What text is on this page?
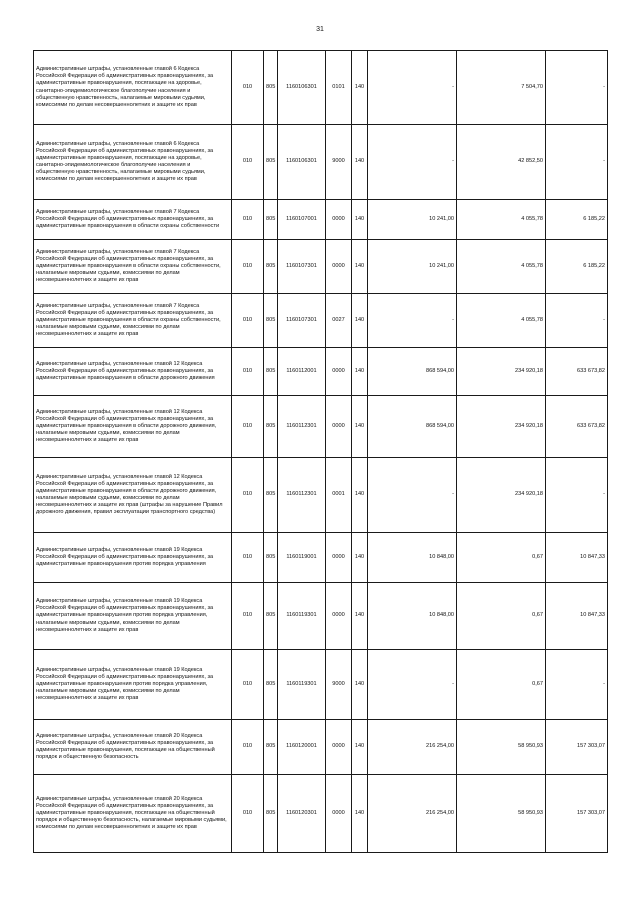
31
Административные штрафы, установленные главой 6 Кодекса Российской Федерации об административных правонарушениях, за административные правонарушения, посягающие на здоровье, санитарно-эпидемиологическое благополучие населения и общественную нравственность, налагаемые мировыми судьями, комиссиями по делам несовершеннолетних и защите их прав	010	805	1160106301	0101	140	-	7 504,70	-
Административные штрафы, установленные главой 6 Кодекса Российской Федерации об административных правонарушениях, за административные правонарушения, посягающие на здоровье, санитарно-эпидемиологическое благополучие населения и общественную нравственность, налагаемые мировыми судьями, комиссиями по делам несовершеннолетних и защите их прав	010	805	1160106301	9000	140	-	42 852,50	-
Административные штрафы, установленные главой 7 Кодекса Российской Федерации об административных правонарушениях, за административные правонарушения в области охраны собственности	010	805	1160107001	0000	140	10 241,00	4 055,78	6 185,22
Административные штрафы, установленные главой 7 Кодекса Российской Федерации об административных правонарушениях, за административные правонарушения в области охраны собственности, налагаемые мировыми судьями, комиссиями по делам несовершеннолетних и защите их прав	010	805	1160107301	0000	140	10 241,00	4 055,78	6 185,22
Административные штрафы, установленные главой 7 Кодекса Российской Федерации об административных правонарушениях, за административные правонарушения в области охраны собственности, налагаемые мировыми судьями, комиссиями по делам несовершеннолетних и защите их прав	010	805	1160107301	0027	140	-	4 055,78	-
Административные штрафы, установленные главой 12 Кодекса Российской Федерации об административных правонарушениях, за административные правонарушения в области дорожного движения	010	805	1160112001	0000	140	868 594,00	234 920,18	633 673,82
Административные штрафы, установленные главой 12 Кодекса Российской Федерации об административных правонарушениях, за административные правонарушения в области дорожного движения, налагаемые мировыми судьями, комиссиями по делам несовершеннолетних и защите их прав	010	805	1160112301	0000	140	868 594,00	234 920,18	633 673,82
Административные штрафы, установленные главой 12 Кодекса Российской Федерации об административных правонарушениях, за административные правонарушения в области дорожного движения, налагаемые мировыми судьями, комиссиями по делам несовершеннолетних и защите их прав (штрафы за нарушение Правил дорожного движения, правил эксплуатации транспортного средства)	010	805	1160112301	0001	140	-	234 920,18	-
Административные штрафы, установленные главой 19 Кодекса Российской Федерации об административных правонарушениях, за административные правонарушения против порядка управления	010	805	1160119001	0000	140	10 848,00	0,67	10 847,33
Административные штрафы, установленные главой 19 Кодекса Российской Федерации об административных правонарушениях, за административные правонарушения против порядка управления, налагаемые мировыми судьями, комиссиями по делам несовершеннолетних и защите их прав	010	805	1160119301	0000	140	10 848,00	0,67	10 847,33
Административные штрафы, установленные главой 19 Кодекса Российской Федерации об административных правонарушениях, за административные правонарушения против порядка управления, налагаемые мировыми судьями, комиссиями по делам несовершеннолетних и защите их прав	010	805	1160119301	9000	140	-	0,67	-
Административные штрафы, установленные главой 20 Кодекса Российской Федерации об административных правонарушениях, за административные правонарушения, посягающие на общественный порядок и общественную безопасность	010	805	1160120001	0000	140	216 254,00	58 950,93	157 303,07
Административные штрафы, установленные главой 20 Кодекса Российской Федерации об административных правонарушениях, за административные правонарушения, посягающие на общественный порядок и общественную безопасность, налагаемые мировыми судьями, комиссиями по делам несовершеннолетних и защите их прав	010	805	1160120301	0000	140	216 254,00	58 950,93	157 303,07
